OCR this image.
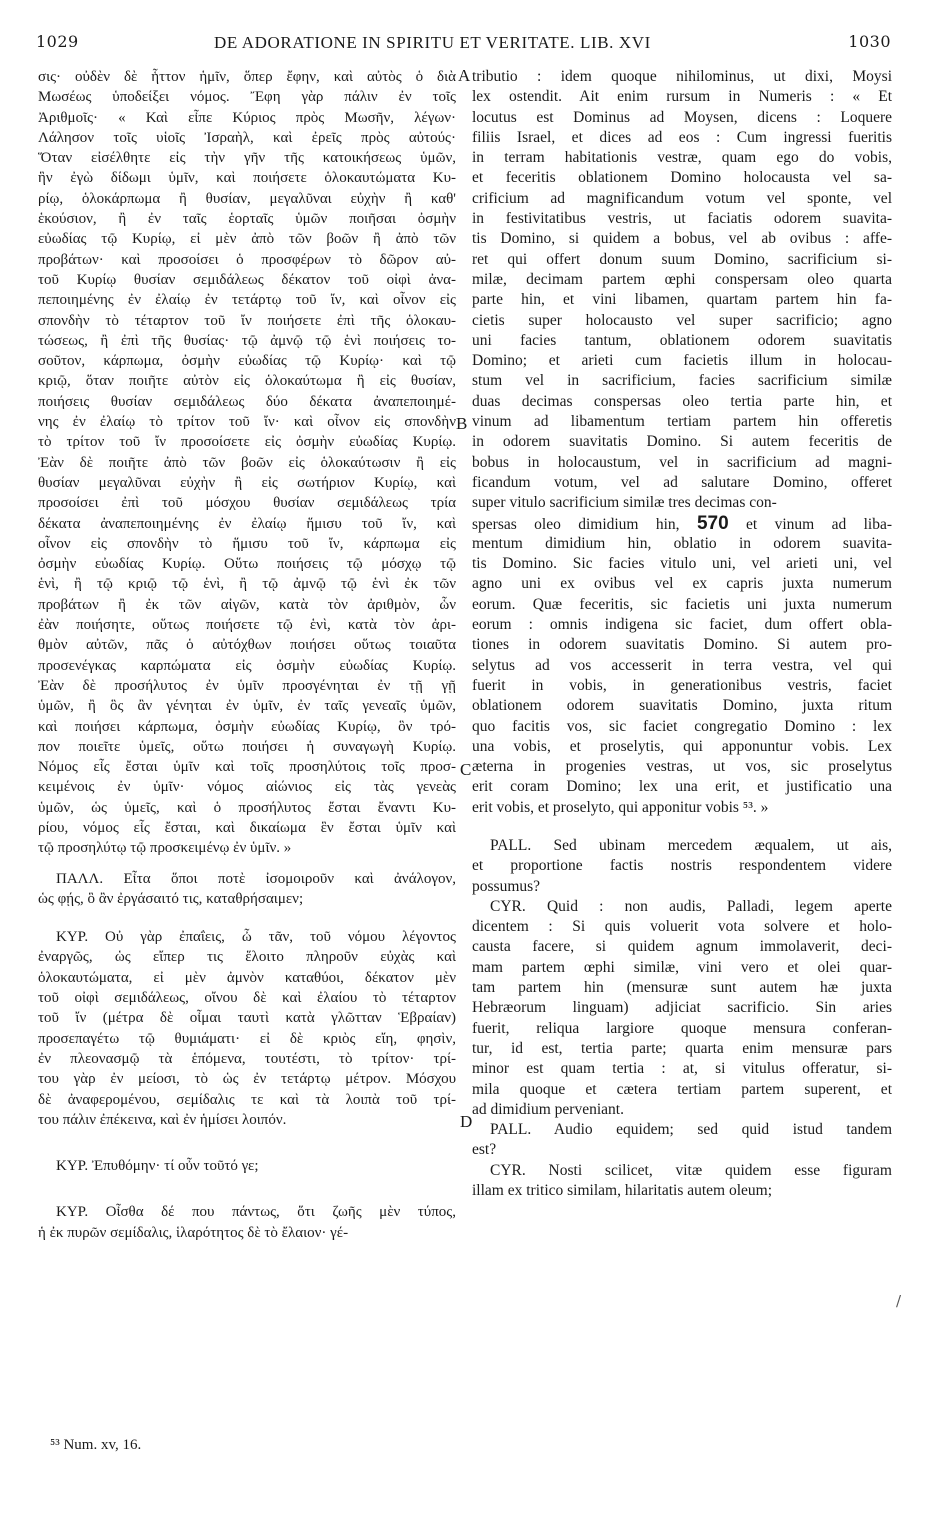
1029	DE ADORATIONE IN SPIRITU ET VERITATE. LIB. XVI	1030
A
B
C
D
σις· οὐδὲν δὲ ἧττον ἡμῖν, ὅπερ ἔφην, καὶ αὐτὸς ὁ διὰ
Μωσέως ὑποδείξει νόμος. Ἔφη γὰρ πάλιν ἐν τοῖς
Ἀριθμοῖς· « Καὶ εἶπε Κύριος πρὸς Μωσῆν, λέγων·
Λάλησον τοῖς υἱοῖς Ἰσραὴλ, καὶ ἐρεῖς πρὸς αὐτούς·
Ὅταν εἰσέλθητε εἰς τὴν γῆν τῆς κατοικήσεως ὑμῶν,
ἣν ἐγὼ δίδωμι ὑμῖν, καὶ ποιήσετε ὁλοκαυτώματα Κυ-
ρίῳ, ὁλοκάρπωμα ἢ θυσίαν, μεγαλῦναι εὐχὴν ἢ καθ'
ἑκούσιον, ἢ ἐν ταῖς ἑορταῖς ὑμῶν ποιῆσαι ὀσμὴν
εὐωδίας τῷ Κυρίῳ, εἰ μὲν ἀπὸ τῶν βοῶν ἢ ἀπὸ τῶν
προβάτων· καὶ προσοίσει ὁ προσφέρων τὸ δῶρον αὐ-
τοῦ Κυρίῳ θυσίαν σεμιδάλεως δέκατον τοῦ οἰφὶ ἀνα-
πεποιημένης ἐν ἐλαίῳ ἐν τετάρτῳ τοῦ ἴν, καὶ οἶνον εἰς
σπονδὴν τὸ τέταρτον τοῦ ἴν ποιήσετε ἐπὶ τῆς ὁλοκαυ-
τώσεως, ἢ ἐπὶ τῆς θυσίας· τῷ ἀμνῷ τῷ ἑνὶ ποιήσεις το-
σοῦτον, κάρπωμα, ὀσμὴν εὐωδίας τῷ Κυρίῳ· καὶ τῷ
κριῷ, ὅταν ποιῆτε αὐτὸν εἰς ὁλοκαύτωμα ἢ εἰς θυσίαν,
ποιήσεις θυσίαν σεμιδάλεως δύο δέκατα ἀναπεποιημέ-
νης ἐν ἐλαίῳ τὸ τρίτον τοῦ ἴν· καὶ οἶνον εἰς σπονδὴν
τὸ τρίτον τοῦ ἴν προσοίσετε εἰς ὀσμὴν εὐωδίας Κυρίῳ.
Ἐὰν δὲ ποιῆτε ἀπὸ τῶν βοῶν εἰς ὁλοκαύτωσιν ἢ εἰς
θυσίαν μεγαλῦναι εὐχὴν ἢ εἰς σωτήριον Κυρίῳ, καὶ
προσοίσει ἐπὶ τοῦ μόσχου θυσίαν σεμιδάλεως τρία
δέκατα ἀναπεποιημένης ἐν ἐλαίῳ ἥμισυ τοῦ ἴν, καὶ
οἶνον εἰς σπονδὴν τὸ ἥμισυ τοῦ ἴν, κάρπωμα εἰς
ὀσμὴν εὐωδίας Κυρίῳ. Οὕτω ποιήσεις τῷ μόσχῳ τῷ
ἑνὶ, ἢ τῷ κριῷ τῷ ἑνὶ, ἢ τῷ ἀμνῷ τῷ ἑνὶ ἐκ τῶν
προβάτων ἢ ἐκ τῶν αἰγῶν, κατὰ τὸν ἀριθμὸν, ὧν
ἐὰν ποιήσητε, οὕτως ποιήσετε τῷ ἑνὶ, κατὰ τὸν ἀρι-
θμὸν αὐτῶν, πᾶς ὁ αὐτόχθων ποιήσει οὕτως τοιαῦτα
προσενέγκας καρπώματα εἰς ὀσμὴν εὐωδίας Κυρίῳ.
Ἐὰν δὲ προσήλυτος ἐν ὑμῖν προσγένηται ἐν τῇ γῇ
ὑμῶν, ἢ ὃς ἂν γένηται ἐν ὑμῖν, ἐν ταῖς γενεαῖς ὑμῶν,
καὶ ποιήσει κάρπωμα, ὀσμὴν εὐωδίας Κυρίῳ, ὃν τρό-
πον ποιεῖτε ὑμεῖς, οὕτω ποιήσει ἡ συναγωγὴ Κυρίῳ.
Νόμος εἷς ἔσται ὑμῖν καὶ τοῖς προσηλύτοις τοῖς προσ-
κειμένοις ἐν ὑμῖν· νόμος αἰώνιος εἰς τὰς γενεὰς
ὑμῶν, ὡς ὑμεῖς, καὶ ὁ προσήλυτος ἔσται ἔναντι Κυ-
ρίου, νόμος εἷς ἔσται, καὶ δικαίωμα ἓν ἔσται ὑμῖν καὶ
τῷ προσηλύτῳ τῷ προσκειμένῳ ἐν ὑμῖν. »
ΠΑΛΛ. Εἶτα ὅποι ποτὲ ἰσομοιροῦν καὶ ἀνάλογον,
ὡς φῄς, ὃ ἂν ἐργάσαιτό τις, καταθρήσαιμεν;
ΚΥΡ. Οὐ γὰρ ἐπαΐεις, ὦ τᾶν, τοῦ νόμου λέγοντος
ἐναργῶς, ὡς εἴπερ τις ἕλοιτο πληροῦν εὐχὰς καὶ
ὁλοκαυτώματα, εἰ μὲν ἀμνὸν καταθύοι, δέκατον μὲν
τοῦ οἰφὶ σεμιδάλεως, οἴνου δὲ καὶ ἐλαίου τὸ τέταρτον
τοῦ ἴν (μέτρα δὲ οἶμαι ταυτὶ κατὰ γλῶτταν Ἑβραίαν)
προσεπαγέτω τῷ θυμιάματι· εἰ δὲ κριὸς εἴη, φησὶν,
ἐν πλεονασμῷ τὰ ἑπόμενα, τουτέστι, τὸ τρίτον· τρί-
του γὰρ ἐν μείοσι, τὸ ὡς ἐν τετάρτῳ μέτρον. Μόσχου
δὲ ἀναφερομένου, σεμίδαλις τε καὶ τὰ λοιπὰ τοῦ τρί-
του πάλιν ἐπέκεινα, καὶ ἐν ἡμίσει λοιπόν.
ΚΥΡ. Ἐπυθόμην· τί οὖν τοῦτό γε;
ΚΥΡ. Οἶσθα δέ που πάντως, ὅτι ζωῆς μὲν τύπος,
ἡ ἐκ πυρῶν σεμίδαλις, ἱλαρότητος δὲ τὸ ἔλαιον· γέ-
tributio : idem quoque nihilominus, ut dixi, Moysi
lex ostendit. Ait enim rursum in Numeris : « Et
locutus est Dominus ad Moysen, dicens : Loquere
filiis Israel, et dices ad eos : Cum ingressi fueritis
in terram habitationis vestræ, quam ego do vobis,
et feceritis oblationem Domino holocausta vel sa-
crificium ad magnificandum votum vel sponte, vel
in festivitatibus vestris, ut faciatis odorem suavita-
tis Domino, si quidem a bobus, vel ab ovibus : affe-
ret qui offert donum suum Domino, sacrificium si-
milæ, decimam partem œphi conspersam oleo quarta
parte hin, et vini libamen, quartam partem hin fa-
cietis super holocausto vel super sacrificio; agno
uni facies tantum, oblationem odorem suavitatis
Domino; et arieti cum facietis illum in holocau-
stum vel in sacrificium, facies sacrificium similæ
duas decimas conspersas oleo tertia parte hin, et
vinum ad libamentum tertiam partem hin offeretis
in odorem suavitatis Domino. Si autem feceritis de
bobus in holocaustum, vel in sacrificium ad magni-
ficandum votum, vel ad salutare Domino, offeret
super vitulo sacrificium similæ tres decimas con-
spersas oleo dimidium hin, 570 et vinum ad liba-
mentum dimidium hin, oblatio in odorem suavita-
tis Domino. Sic facies vitulo uni, vel arieti uni, vel
agno uni ex ovibus vel ex capris juxta numerum
eorum. Quæ feceritis, sic facietis uni juxta numerum
eorum : omnis indigena sic faciet, dum offert obla-
tiones in odorem suavitatis Domino. Si autem pro-
selytus ad vos accesserit in terra vestra, vel qui
fuerit in vobis, in generationibus vestris, faciet
oblationem odorem suavitatis Domino, juxta ritum
quo facitis vos, sic faciet congregatio Domino : lex
una vobis, et proselytis, qui apponuntur vobis. Lex
æterna in progenies vestras, ut vos, sic proselytus
erit coram Domino; lex una erit, et justificatio una
erit vobis, et proselyto, qui apponitur vobis ⁵³. »
PALL. Sed ubinam mercedem æqualem, ut ais,
et proportione factis nostris respondentem videre
possumus?
CYR. Quid : non audis, Palladi, legem aperte
dicentem : Si quis voluerit vota solvere et holo-
causta facere, si quidem agnum immolaverit, deci-
mam partem œphi similæ, vini vero et olei quar-
tam partem hin (mensuræ sunt autem hæ juxta
Hebræorum linguam) adjiciat sacrificio. Sin aries
fuerit, reliqua largiore quoque mensura conferan-
tur, id est, tertia parte; quarta enim mensuræ pars
minor est quam tertia : at, si vitulus offeratur, si-
mila quoque et cætera tertiam partem superent, et
ad dimidium perveniant.
PALL. Audio equidem; sed quid istud tandem
est?
CYR. Nosti scilicet, vitæ quidem esse figuram
illam ex tritico similam, hilaritatis autem oleum;
/
⁵³ Num. xv, 16.
